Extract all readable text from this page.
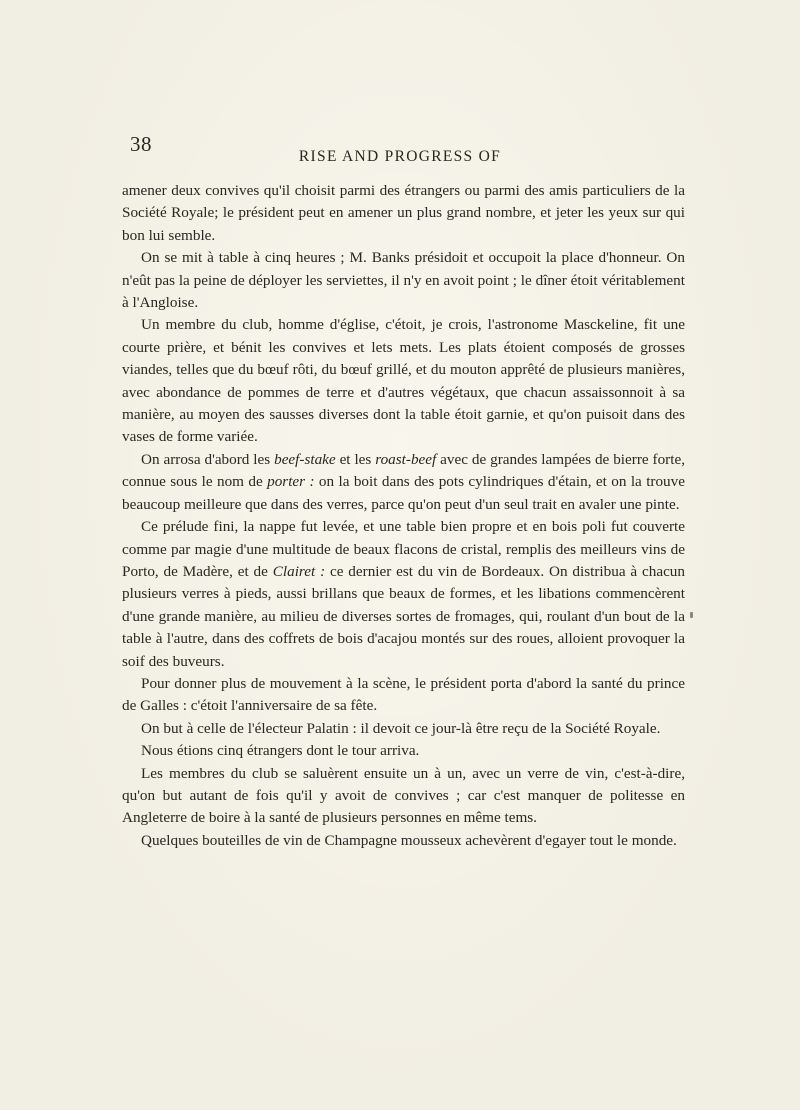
38
RISE AND PROGRESS OF

amener deux convives qu'il choisit parmi des étrangers ou parmi des amis particuliers de la Société Royale; le président peut en amener un plus grand nombre, et jeter les yeux sur qui bon lui semble.

On se mit à table à cinq heures ; M. Banks présidoit et occupoit la place d'honneur. On n'eût pas la peine de déployer les serviettes, il n'y en avoit point ; le dîner étoit véritablement à l'Angloise.

Un membre du club, homme d'église, c'étoit, je crois, l'astronome Masckeline, fit une courte prière, et bénit les convives et lets mets. Les plats étoient composés de grosses viandes, telles que du bœuf rôti, du bœuf grillé, et du mouton apprêté de plusieurs manières, avec abondance de pommes de terre et d'autres végétaux, que chacun assaissonnoit à sa manière, au moyen des sausses diverses dont la table étoit garnie, et qu'on puisoit dans des vases de forme variée.

On arrosa d'abord les beef-stake et les roast-beef avec de grandes lampées de bierre forte, connue sous le nom de porter : on la boit dans des pots cylindriques d'étain, et on la trouve beaucoup meilleure que dans des verres, parce qu'on peut d'un seul trait en avaler une pinte.

Ce prélude fini, la nappe fut levée, et une table bien propre et en bois poli fut couverte comme par magie d'une multitude de beaux flacons de cristal, remplis des meilleurs vins de Porto, de Madère, et de Clairet : ce dernier est du vin de Bordeaux. On distribua à chacun plusieurs verres à pieds, aussi brillans que beaux de formes, et les libations commencèrent d'une grande manière, au milieu de diverses sortes de fromages, qui, roulant d'un bout de la table à l'autre, dans des coffrets de bois d'acajou montés sur des roues, alloient provoquer la soif des buveurs.

Pour donner plus de mouvement à la scène, le président porta d'abord la santé du prince de Galles : c'étoit l'anniversaire de sa fête.

On but à celle de l'électeur Palatin : il devoit ce jour-là être reçu de la Société Royale.

Nous étions cinq étrangers dont le tour arriva.

Les membres du club se saluèrent ensuite un à un, avec un verre de vin, c'est-à-dire, qu'on but autant de fois qu'il y avoit de convives ; car c'est manquer de politesse en Angleterre de boire à la santé de plusieurs personnes en même tems.

Quelques bouteilles de vin de Champagne mousseux achevèrent d'egayer tout le monde.
